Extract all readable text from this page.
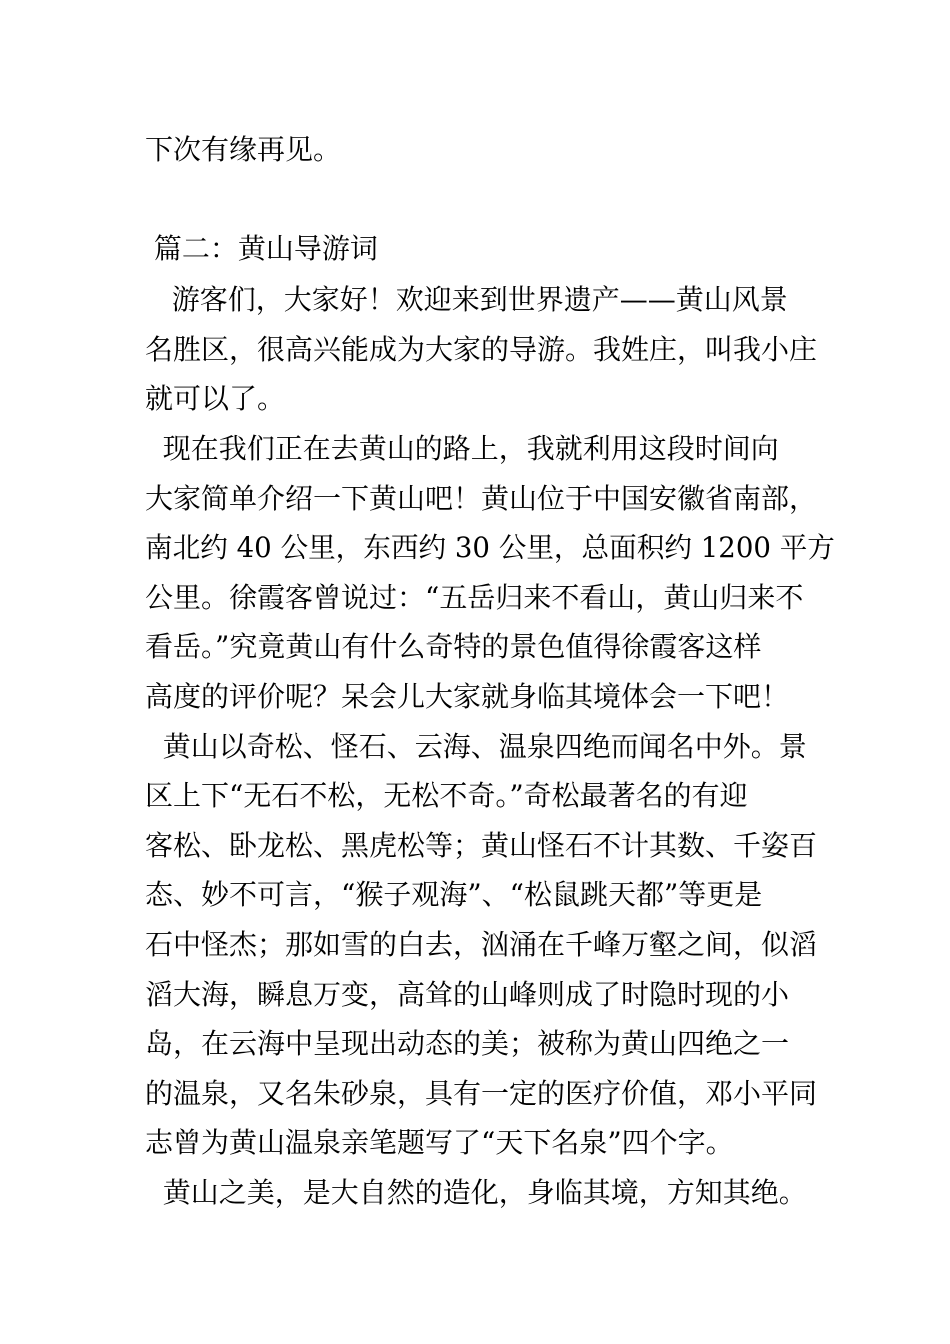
下次有缘再见。
篇二：黄山导游词
游客们，大家好！欢迎来到世界遗产——黄山风景
名胜区，很高兴能成为大家的导游。我姓庄，叫我小庄
就可以了。
现在我们正在去黄山的路上，我就利用这段时间向
大家简单介绍一下黄山吧！黄山位于中国安徽省南部，
南北约 40 公里，东西约 30 公里，总面积约 1200 平方
公里。徐霞客曾说过：“五岳归来不看山，黄山归来不
看岳。”究竟黄山有什么奇特的景色值得徐霞客这样
高度的评价呢？呆会儿大家就身临其境体会一下吧！
黄山以奇松、怪石、云海、温泉四绝而闻名中外。景
区上下“无石不松，无松不奇。”奇松最著名的有迎
客松、卧龙松、黑虎松等；黄山怪石不计其数、千姿百
态、妙不可言，“猴子观海”、“松鼠跳天都”等更是
石中怪杰；那如雪的白去，汹涌在千峰万壑之间，似滔
滔大海，瞬息万变，高耸的山峰则成了时隐时现的小
岛，在云海中呈现出动态的美；被称为黄山四绝之一
的温泉，又名朱砂泉，具有一定的医疗价值，邓小平同
志曾为黄山温泉亲笔题写了“天下名泉”四个字。
黄山之美，是大自然的造化，身临其境，方知其绝。
